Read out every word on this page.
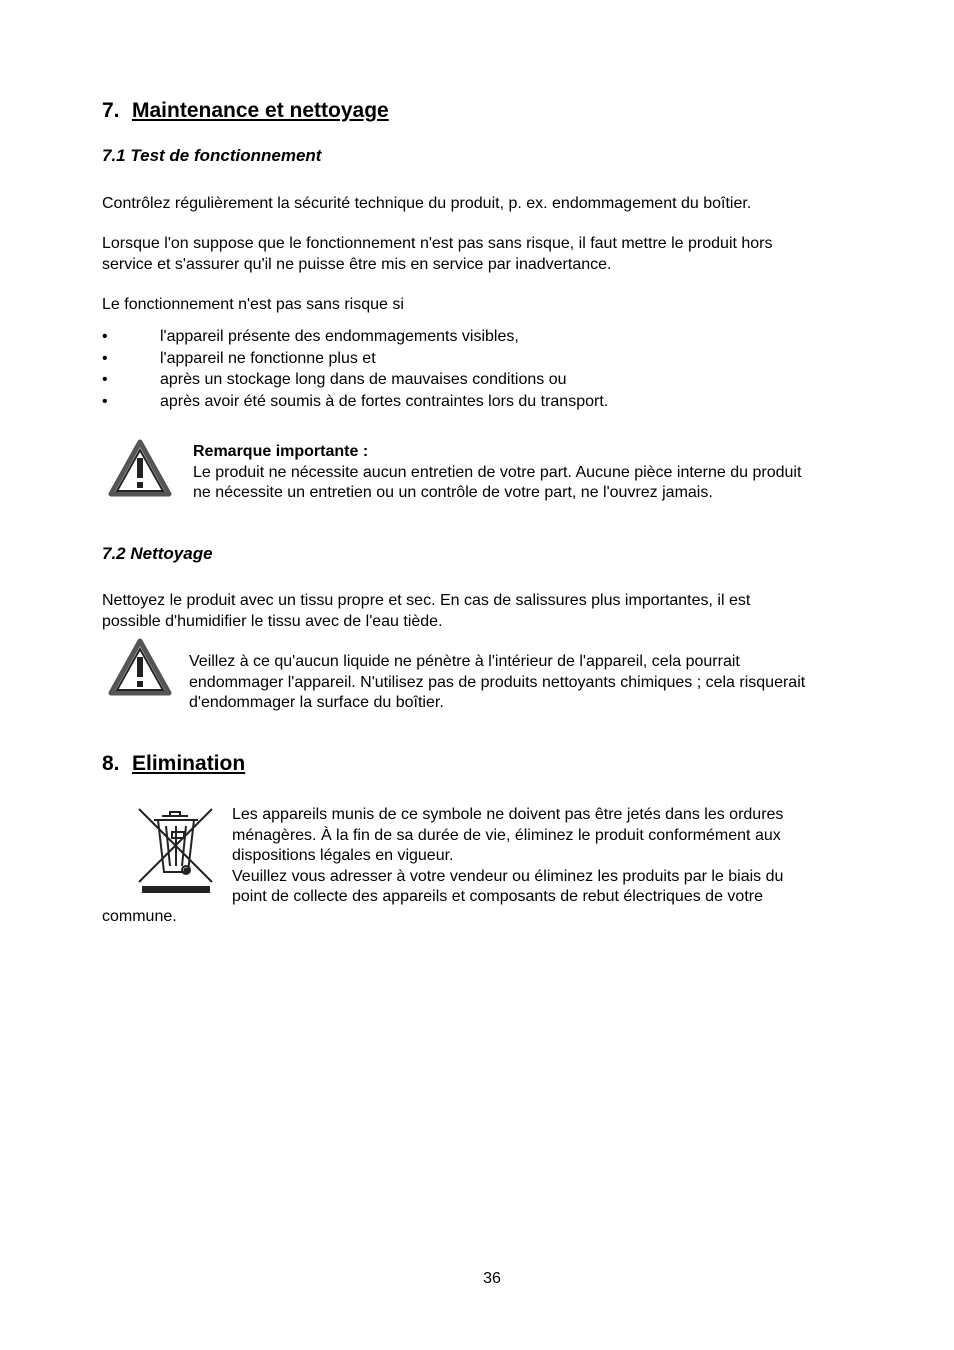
7. Maintenance et nettoyage
7.1 Test de fonctionnement

Contrôlez régulièrement la sécurité technique du produit, p. ex. endommagement du boîtier.

Lorsque l'on suppose que le fonctionnement n'est pas sans risque, il faut mettre le produit hors

service et s'assurer qu'il ne puisse être mis en service par inadvertance.

Le fonctionnement n'est pas sans risque si

•	l'appareil présente des endommagements visibles,
•	l'appareil ne fonctionne plus et
•	après un stockage long dans de mauvaises conditions ou
•	après avoir été soumis à de fortes contraintes lors du transport.

Remarque importante :

Le produit ne nécessite aucun entretien de votre part. Aucune pièce interne du produit

ne nécessite un entretien ou un contrôle de votre part, ne l'ouvrez jamais.

7.2 Nettoyage

Nettoyez le produit avec un tissu propre et sec. En cas de salissures plus importantes, il est

possible d'humidifier le tissu avec de l'eau tiède.

Veillez à ce qu'aucun liquide ne pénètre à l'intérieur de l'appareil, cela pourrait

endommager l'appareil. N'utilisez pas de produits nettoyants chimiques ; cela risquerait

d'endommager la surface du boîtier.

8. Elimination

Les appareils munis de ce symbole ne doivent pas être jetés dans les ordures

ménagères. À la fin de sa durée de vie, éliminez le produit conformément aux

dispositions légales en vigueur.

Veuillez vous adresser à votre vendeur ou éliminez les produits par le biais du

point de collecte des appareils et composants de rebut électriques de votre

commune.

36
